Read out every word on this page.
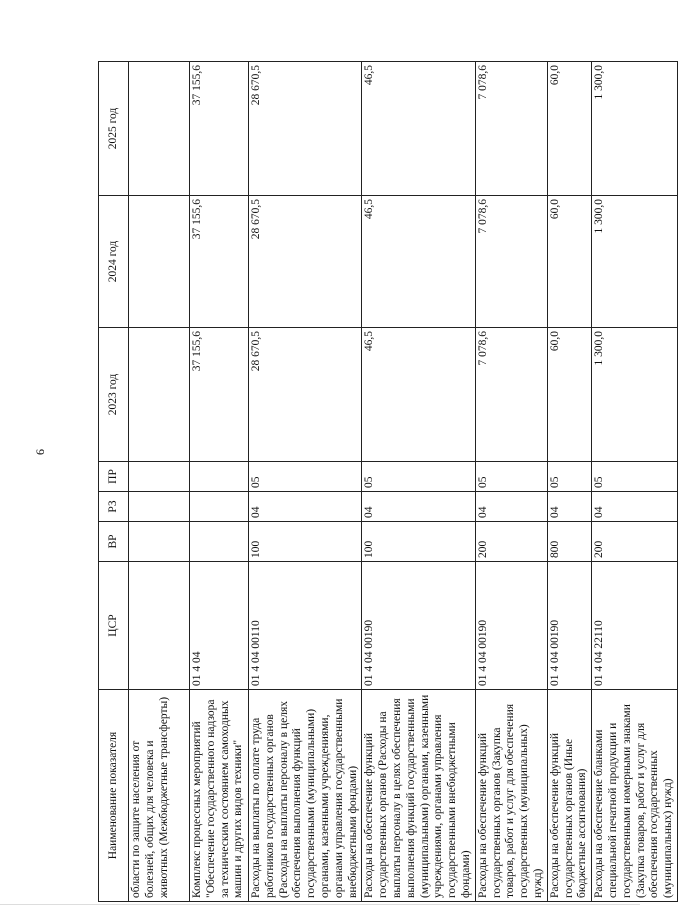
9
Наименование показателя	ЦСР	ВР	РЗ	ПР	2023 год	2024 год	2025 год
области по защите населения от болезней, общих для человека и животных (Межбюджетные трансферты)							
Комплекс процессных мероприятий "Обеспечение государственного надзора за техническим состоянием самоходных машин и других видов техники"	01 4 04				37 155,6	37 155,6	37 155,6
Расходы на выплаты по оплате труда работников государственных органов (Расходы на выплаты персоналу в целях обеспечения выполнения функций государственными (муниципальными) органами, казенными учреждениями, органами управления государственными внебюджетными фондами)	01 4 04 00110	100	04	05	28 670,5	28 670,5	28 670,5
Расходы на обеспечение функций государственных органов (Расходы на выплаты персоналу в целях обеспечения выполнения функций государственными (муниципальными) органами, казенными учреждениями, органами управления государственными внебюджетными фондами)	01 4 04 00190	100	04	05	46,5	46,5	46,5
Расходы на обеспечение функций государственных органов (Закупка товаров, работ и услуг для обеспечения государственных (муниципальных) нужд)	01 4 04 00190	200	04	05	7 078,6	7 078,6	7 078,6
Расходы на обеспечение функций государственных органов (Иные бюджетные ассигнования)	01 4 04 00190	800	04	05	60,0	60,0	60,0
Расходы на обеспечение бланками специальной печатной продукции и государственными номерными знаками (Закупка товаров, работ и услуг для обеспечения государственных (муниципальных) нужд)	01 4 04 22110	200	04	05	1 300,0	1 300,0	1 300,0
